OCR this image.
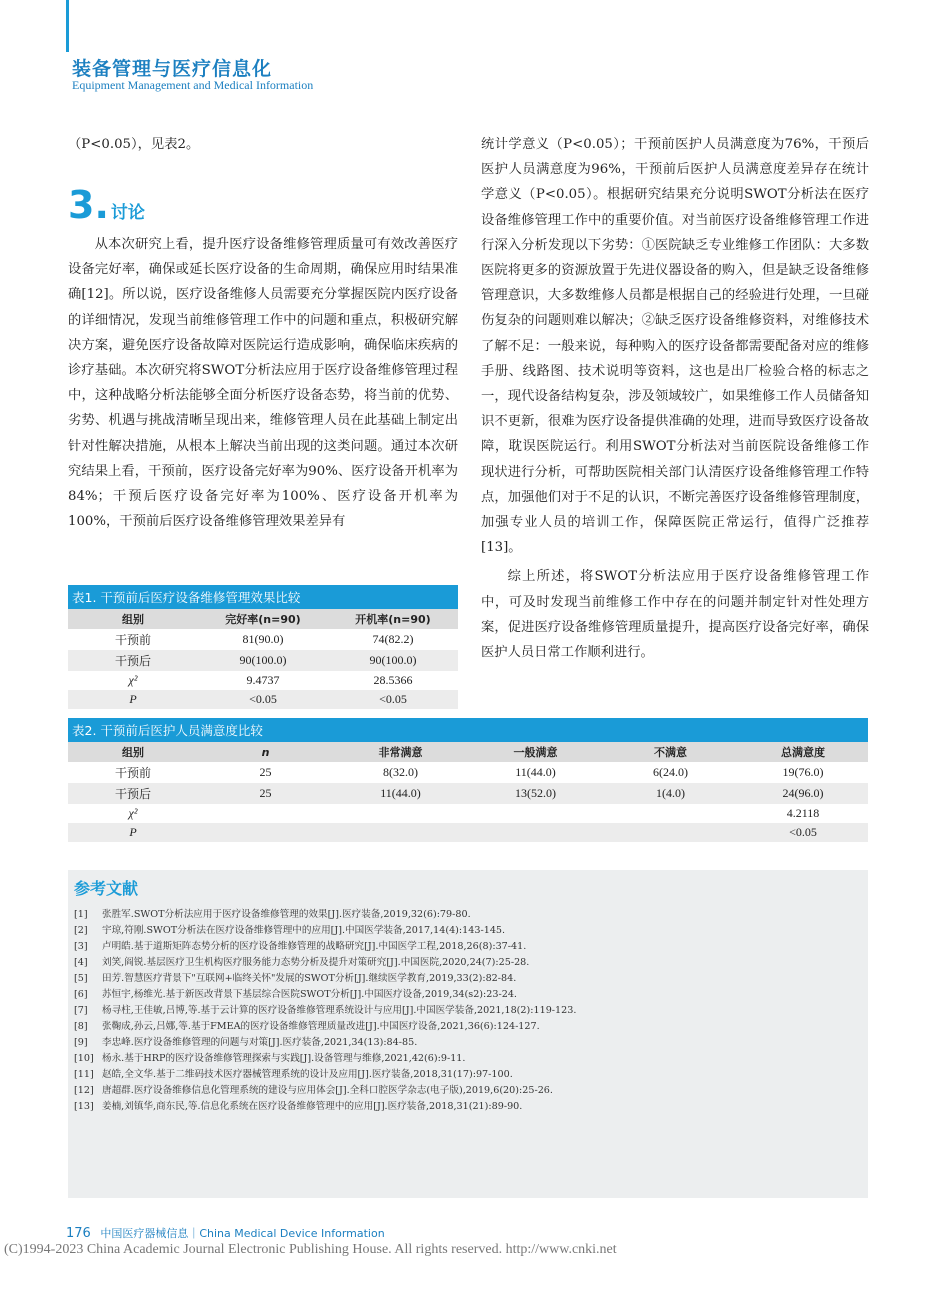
装备管理与医疗信息化
Equipment Management and Medical Information

（P<0.05），见表2。

3. 讨论

从本次研究上看，提升医疗设备维修管理质量可有效改善医疗设备完好率，确保或延长医疗设备的生命周期，确保应用时结果准确[12]。所以说，医疗设备维修人员需要充分掌握医院内医疗设备的详细情况，发现当前维修管理工作中的问题和重点，积极研究解决方案，避免医疗设备故障对医院运行造成影响，确保临床疾病的诊疗基础。本次研究将SWOT分析法应用于医疗设备维修管理过程中，这种战略分析法能够全面分析医疗设备态势，将当前的优势、劣势、机遇与挑战清晰呈现出来，维修管理人员在此基础上制定出针对性解决措施，从根本上解决当前出现的这类问题。通过本次研究结果上看，干预前，医疗设备完好率为90%、医疗设备开机率为84%；干预后医疗设备完好率为100%、医疗设备开机率为100%，干预前后医疗设备维修管理效果差异有

统计学意义（P<0.05）；干预前医护人员满意度为76%，干预后医护人员满意度为96%，干预前后医护人员满意度差异存在统计学意义（P<0.05）。根据研究结果充分说明SWOT分析法在医疗设备维修管理工作中的重要价值。对当前医疗设备维修管理工作进行深入分析发现以下劣势：①医院缺乏专业维修工作团队：大多数医院将更多的资源放置于先进仪器设备的购入，但是缺乏设备维修管理意识，大多数维修人员都是根据自己的经验进行处理，一旦碰伤复杂的问题则难以解决；②缺乏医疗设备维修资料，对维修技术了解不足：一般来说，每种购入的医疗设备都需要配备对应的维修手册、线路图、技术说明等资料，这也是出厂检验合格的标志之一，现代设备结构复杂，涉及领域较广，如果维修工作人员储备知识不更新，很难为医疗设备提供准确的处理，进而导致医疗设备故障，耽误医院运行。利用SWOT分析法对当前医院设备维修工作现状进行分析，可帮助医院相关部门认清医疗设备维修管理工作特点，加强他们对于不足的认识，不断完善医疗设备维修管理制度，加强专业人员的培训工作，保障医院正常运行，值得广泛推荐[13]。

综上所述，将SWOT分析法应用于医疗设备维修管理工作中，可及时发现当前维修工作中存在的问题并制定针对性处理方案，促进医疗设备维修管理质量提升，提高医疗设备完好率，确保医护人员日常工作顺利进行。

表1. 干预前后医疗设备维修管理效果比较
组别	完好率(n=90)	开机率(n=90)
干预前	81(90.0)	74(82.2)
干预后	90(100.0)	90(100.0)
χ²	9.4737	28.5366
P	<0.05	<0.05
表2. 干预前后医护人员满意度比较
组别	n	非常满意	一般满意	不满意	总满意度
干预前	25	8(32.0)	11(44.0)	6(24.0)	19(76.0)
干预后	25	11(44.0)	13(52.0)	1(4.0)	24(96.0)
χ²					4.2118
P					<0.05
参考文献
[1] 张胜军.SWOT分析法应用于医疗设备维修管理的效果[J].医疗装备,2019,32(6):79-80.
[2] 宇琼,符刚.SWOT分析法在医疗设备维修管理中的应用[J].中国医学装备,2017,14(4):143-145.
[3] 卢明皓.基于道斯矩阵态势分析的医疗设备维修管理的战略研究[J].中国医学工程,2018,26(8):37-41.
[4] 刘笑,阎锐.基层医疗卫生机构医疗服务能力态势分析及提升对策研究[J].中国医院,2020,24(7):25-28.
[5] 田芳.智慧医疗背景下"互联网+临终关怀"发展的SWOT分析[J].继续医学教育,2019,33(2):82-84.
[6] 苏恒宇,杨维光.基于新医改背景下基层综合医院SWOT分析[J].中国医疗设备,2019,34(s2):23-24.
[7] 杨寻柱,王佳敏,吕博,等.基于云计算的医疗设备维修管理系统设计与应用[J].中国医学装备,2021,18(2):119-123.
[8] 张鞠成,孙云,吕娜,等.基于FMEA的医疗设备维修管理质量改进[J].中国医疗设备,2021,36(6):124-127.
[9] 李忠峰.医疗设备维修管理的问题与对策[J].医疗装备,2021,34(13):84-85.
[10] 杨永.基于HRP的医疗设备维修管理探索与实践[J].设备管理与维修,2021,42(6):9-11.
[11] 赵皓,全文华.基于二维码技术医疗器械管理系统的设计及应用[J].医疗装备,2018,31(17):97-100.
[12] 唐超群.医疗设备维修信息化管理系统的建设与应用体会[J].全科口腔医学杂志(电子版),2019,6(20):25-26.
[13] 姜楠,刘镇华,商东民,等.信息化系统在医疗设备维修管理中的应用[J].医疗装备,2018,31(21):89-90.
176 中国医疗器械信息｜China Medical Device Information
(C)1994-2023 China Academic Journal Electronic Publishing House. All rights reserved. http://www.cnki.net
